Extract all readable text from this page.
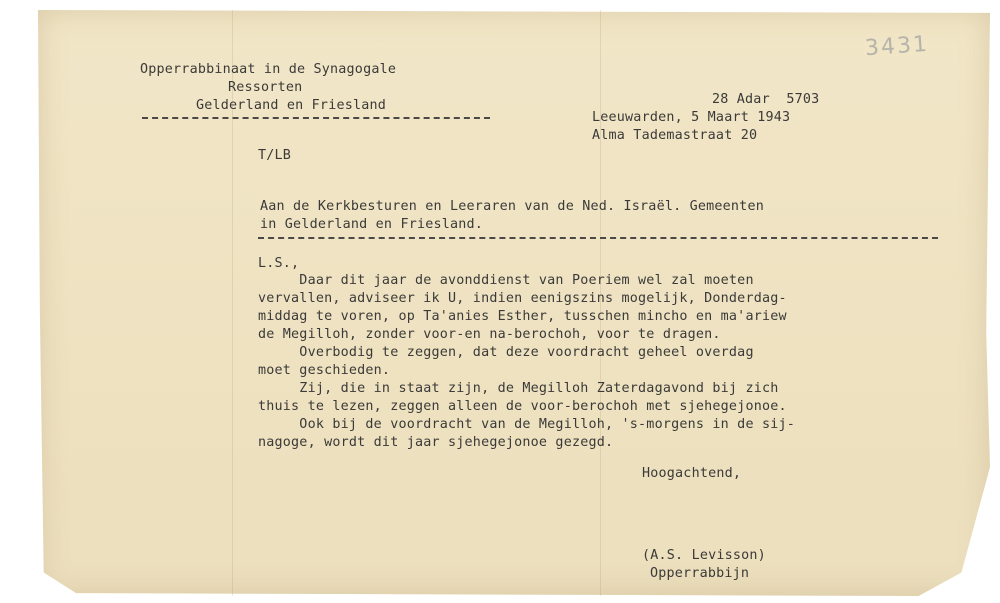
3431
Opperrabbinaat in de Synagogale
Ressorten
Gelderland en Friesland	28 Adar  5703
Leeuwarden, 5 Maart 1943
Alma Tademastraat 20
T/LB
Aan de Kerkbesturen en Leeraren van de Ned. Israël. Gemeenten
in Gelderland en Friesland.
L.S.,
Daar dit jaar de avonddienst van Poeriem wel zal moeten
vervallen, adviseer ik U, indien eenigszins mogelijk, Donderdag-
middag te voren, op Ta'anies Esther, tusschen mincho en ma'ariew
de Megilloh, zonder voor-en na-berochoh, voor te dragen.
Overbodig te zeggen, dat deze voordracht geheel overdag
moet geschieden.
Zij, die in staat zijn, de Megilloh Zaterdagavond bij zich
thuis te lezen, zeggen alleen de voor-berochoh met sjehegejonoe.
Ook bij de voordracht van de Megilloh, 's-morgens in de sij-
nagoge, wordt dit jaar sjehegejonoe gezegd.
Hoogachtend,
(A.S. Levisson)
Opperrabbijn
